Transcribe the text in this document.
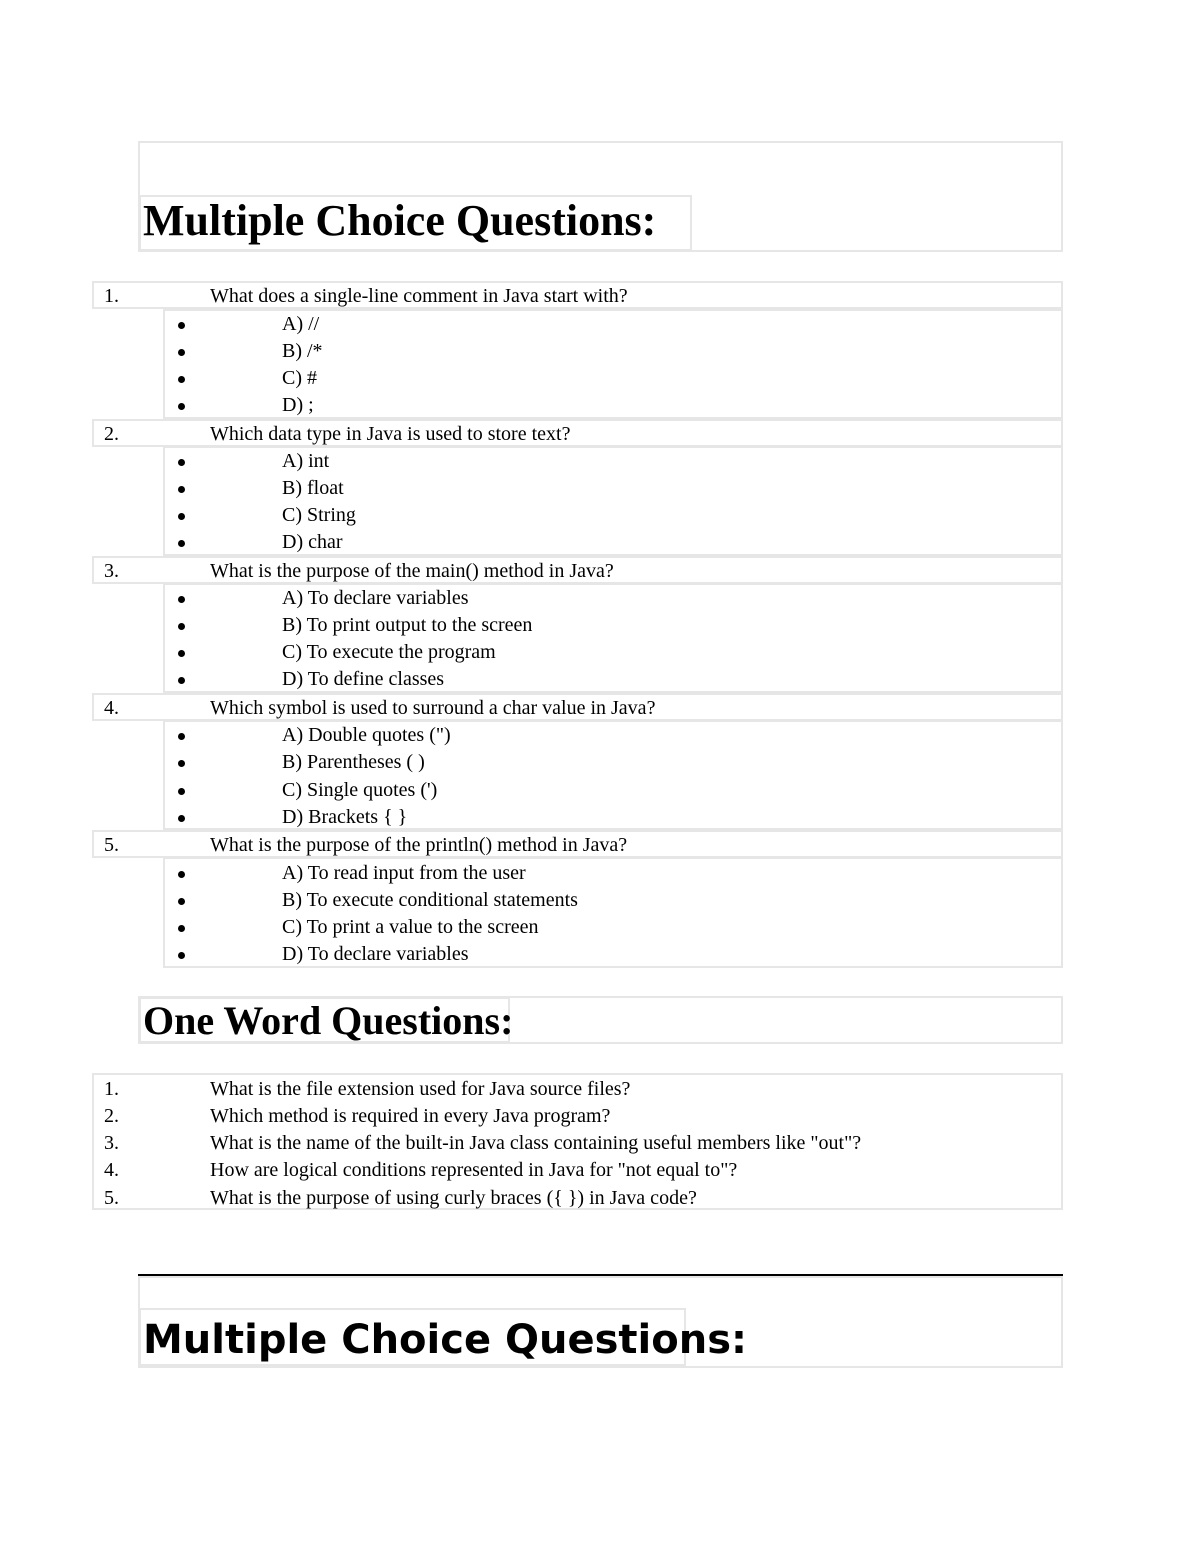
Multiple Choice Questions:
1.	What does a single-line comment in Java start with?
A) //
B) /*
C) #
D) ;
2.	Which data type in Java is used to store text?
A) int
B) float
C) String
D) char
3.	What is the purpose of the main() method in Java?
A) To declare variables
B) To print output to the screen
C) To execute the program
D) To define classes
4.	Which symbol is used to surround a char value in Java?
A) Double quotes (")
B) Parentheses ( )
C) Single quotes (')
D) Brackets { }
5.	What is the purpose of the println() method in Java?
A) To read input from the user
B) To execute conditional statements
C) To print a value to the screen
D) To declare variables
One Word Questions:
1.	What is the file extension used for Java source files?
2.	Which method is required in every Java program?
3.	What is the name of the built-in Java class containing useful members like "out"?
4.	How are logical conditions represented in Java for "not equal to"?
5.	What is the purpose of using curly braces ({ }) in Java code?
Multiple Choice Questions:
